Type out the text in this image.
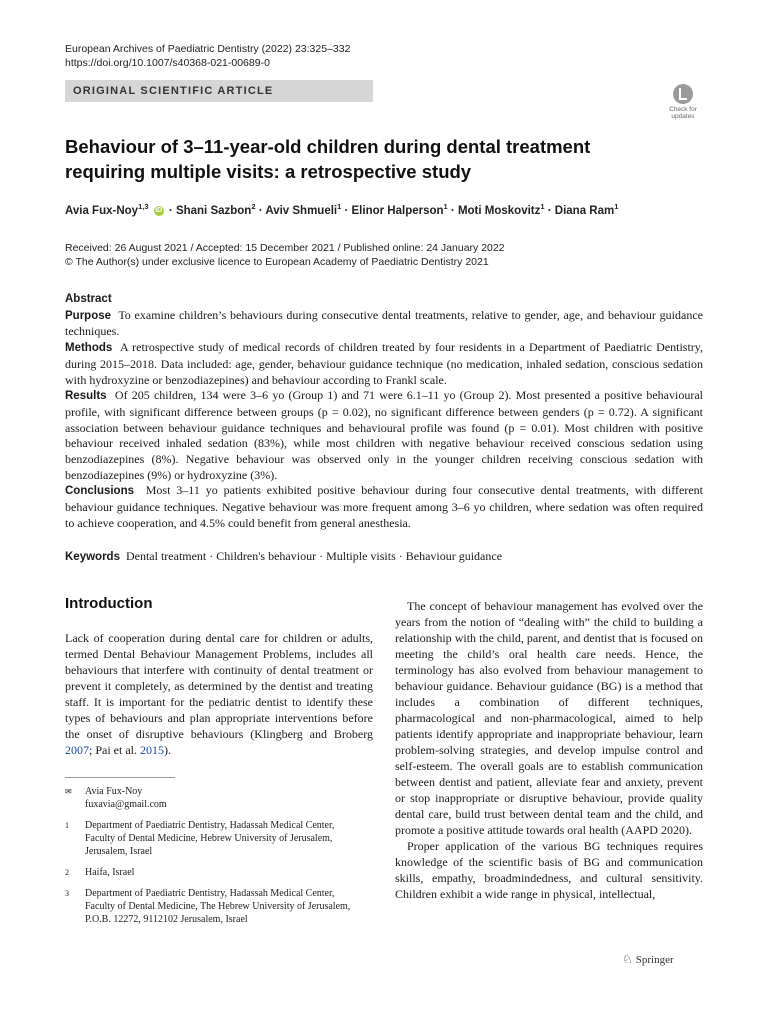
European Archives of Paediatric Dentistry (2022) 23:325–332
https://doi.org/10.1007/s40368-021-00689-0
ORIGINAL SCIENTIFIC ARTICLE
Check for
updates
Behaviour of 3–11-year-old children during dental treatment requiring multiple visits: a retrospective study
Avia Fux-Noy$^{1,3}$ iD · Shani Sazbon$^2$ · Aviv Shmueli$^1$ · Elinor Halperson$^1$ · Moti Moskovitz$^1$ · Diana Ram$^1$
Received: 26 August 2021 / Accepted: 15 December 2021 / Published online: 24 January 2022
© The Author(s) under exclusive licence to European Academy of Paediatric Dentistry 2021

Abstract

Purpose To examine children’s behaviours during consecutive dental treatments, relative to gender, age, and behaviour guidance techniques.

Methods A retrospective study of medical records of children treated by four residents in a Department of Paediatric Dentistry, during 2015–2018. Data included: age, gender, behaviour guidance technique (no medication, inhaled sedation, conscious sedation with hydroxyzine or benzodiazepines) and behaviour according to Frankl scale.

Results Of 205 children, 134 were 3–6 yo (Group 1) and 71 were 6.1–11 yo (Group 2). Most presented a positive behavioural profile, with significant difference between groups (p = 0.02), no significant difference between genders (p = 0.72). A significant association between behaviour guidance techniques and behavioural profile was found (p = 0.01). Most children with positive behaviour received inhaled sedation (83%), while most children with negative behaviour received conscious sedation using benzodiazepines (8%). Negative behaviour was observed only in the younger children receiving conscious sedation with benzodiazepines (9%) or hydroxyzine (3%).

Conclusions Most 3–11 yo patients exhibited positive behaviour during four consecutive dental treatments, with different behaviour guidance techniques. Negative behaviour was more frequent among 3–6 yo children, where sedation was often required to achieve cooperation, and 4.5% could benefit from general anesthesia.

Keywords Dental treatment · Children's behaviour · Multiple visits · Behaviour guidance
Introduction

Lack of cooperation during dental care for children or adults, termed Dental Behaviour Management Problems, includes all behaviours that interfere with continuity of dental treatment or prevent it completely, as determined by the dentist and treating staff. It is important for the pediatric dentist to identify these types of behaviours and plan appropriate interventions before the onset of disruptive behaviours (Klingberg and Broberg 2007; Pai et al. 2015).

The concept of behaviour management has evolved over the years from the notion of “dealing with” the child to building a relationship with the child, parent, and dentist that is focused on meeting the child’s oral health care needs. Hence, the terminology has also evolved from behaviour management to behaviour guidance. Behaviour guidance (BG) is a method that includes a combination of different techniques, pharmacological and non-pharmacological, aimed to help patients identify appropriate and inappropriate behaviour, learn problem-solving strategies, and develop impulse control and self-esteem. The overall goals are to establish communication between dentist and patient, alleviate fear and anxiety, prevent or stop inappropriate or disruptive behaviour, provide quality dental care, build trust between dental team and the child, and promote a positive attitude towards oral health (AAPD 2020).

Proper application of the various BG techniques requires knowledge of the scientific basis of BG and communication skills, empathy, broadmindedness, and cultural sensitivity. Children exhibit a wide range in physical, intellectual,

✉ Avia Fux-Noy
fuxavia@gmail.com
1 Department of Paediatric Dentistry, Hadassah Medical Center, Faculty of Dental Medicine, Hebrew University of Jerusalem, Jerusalem, Israel
2 Haifa, Israel
3 Department of Paediatric Dentistry, Hadassah Medical Center, Faculty of Dental Medicine, The Hebrew University of Jerusalem, P.O.B. 12272, 9112102 Jerusalem, Israel
♘ Springer
